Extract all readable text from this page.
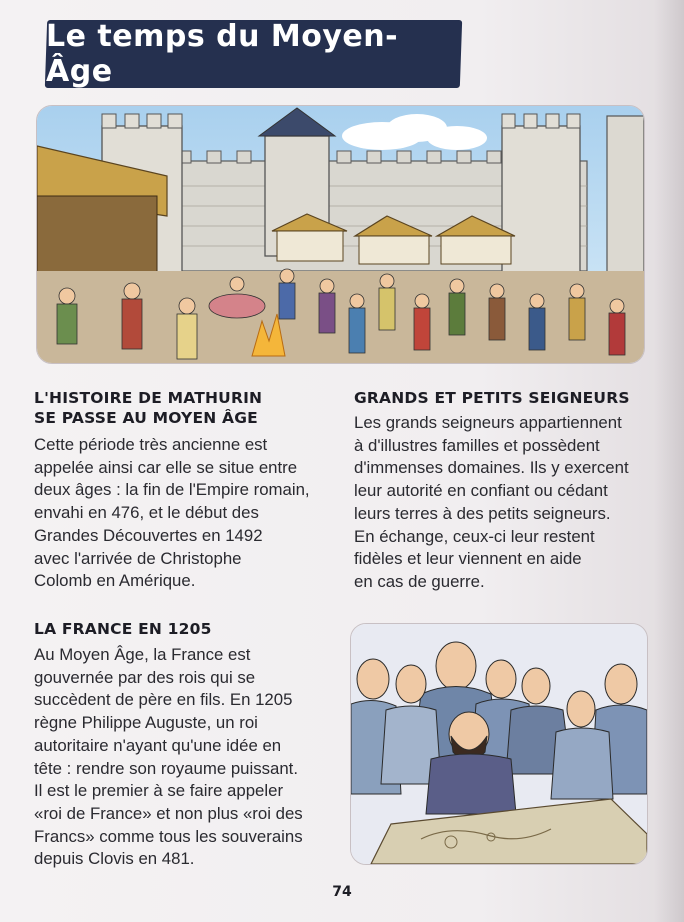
Le temps du Moyen-Âge
L'HISTOIRE DE MATHURIN
SE PASSE AU MOYEN ÂGE

Cette période très ancienne est
appelée ainsi car elle se situe entre
deux âges : la fin de l'Empire romain,
envahi en 476, et le début des
Grandes Découvertes en 1492
avec l'arrivée de Christophe
Colomb en Amérique.

GRANDS ET PETITS SEIGNEURS

Les grands seigneurs appartiennent
à d'illustres familles et possèdent
d'immenses domaines. Ils y exercent
leur autorité en confiant ou cédant
leurs terres à des petits seigneurs.
En échange, ceux-ci leur restent
fidèles et leur viennent en aide
en cas de guerre.

LA FRANCE EN 1205

Au Moyen Âge, la France est
gouvernée par des rois qui se
succèdent de père en fils. En 1205
règne Philippe Auguste, un roi
autoritaire n'ayant qu'une idée en
tête : rendre son royaume puissant.
Il est le premier à se faire appeler
«roi de France» et non plus «roi des
Francs» comme tous les souverains
depuis Clovis en 481.

74
